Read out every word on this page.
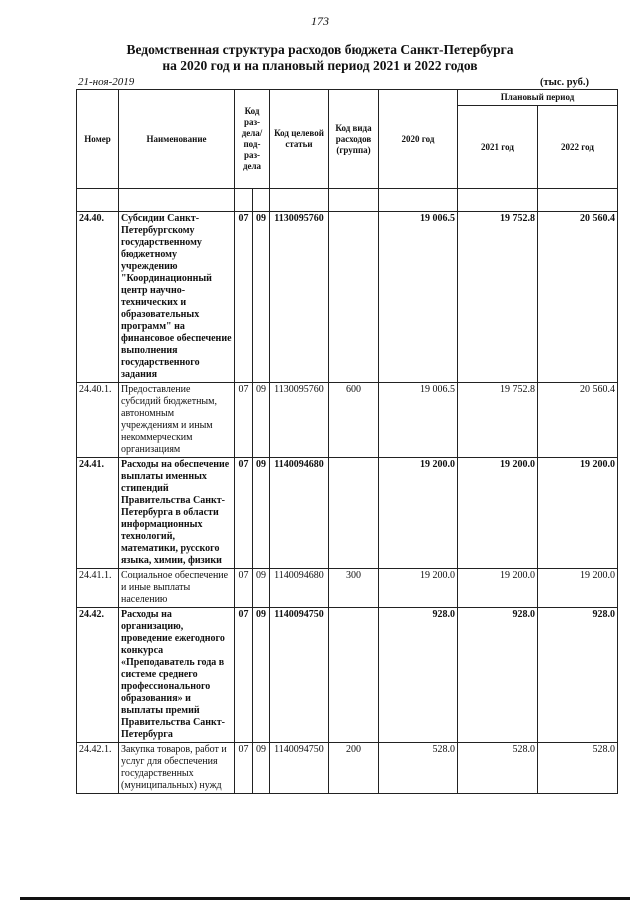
173
Ведомственная структура расходов бюджета Санкт-Петербурга
на 2020 год и на плановый период 2021 и 2022 годов
21-ноя-2019	(тыс. руб.)
Номер	Наименование	Код раз-дела/ под-раз-дела		Код целевой статьи	Код вида расходов (группа)	2020 год	Плановый период	
							2021 год	2022 год

24.40.	Субсидии Санкт-Петербургскому государственному бюджетному учреждению "Координационный центр научно-технических и образовательных программ" на финансовое обеспечение выполнения государственного задания	07	09	1130095760		19 006.5	19 752.8	20 560.4
24.40.1.	Предоставление субсидий бюджетным, автономным учреждениям и иным некоммерческим организациям	07	09	1130095760	600	19 006.5	19 752.8	20 560.4
24.41.	Расходы на обеспечение выплаты именных стипендий Правительства Санкт-Петербурга в области информационных технологий, математики, русского языка, химии, физики	07	09	1140094680		19 200.0	19 200.0	19 200.0
24.41.1.	Социальное обеспечение и иные выплаты населению	07	09	1140094680	300	19 200.0	19 200.0	19 200.0
24.42.	Расходы на организацию, проведение ежегодного конкурса «Преподаватель года в системе среднего профессионального образования» и выплаты премий Правительства Санкт-Петербурга	07	09	1140094750		928.0	928.0	928.0
24.42.1.	Закупка товаров, работ и услуг для обеспечения государственных (муниципальных) нужд	07	09	1140094750	200	528.0	528.0	528.0
